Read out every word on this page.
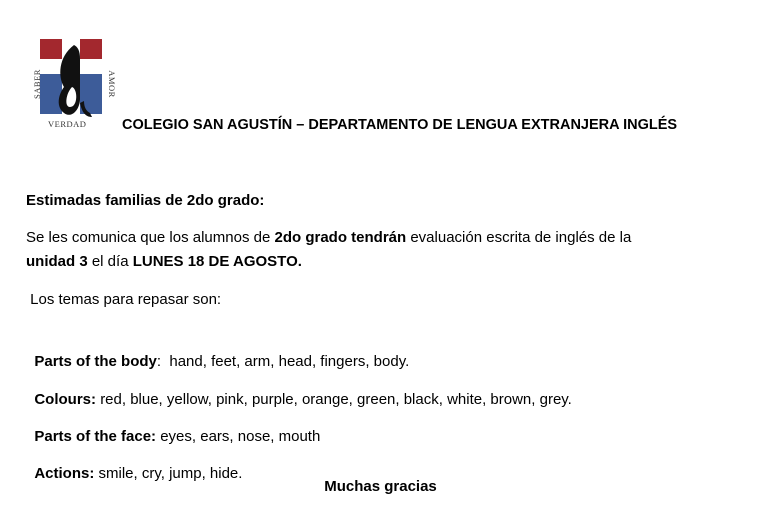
SABER	AMOR
VERDAD COLEGIO SAN AGUSTÍN – DEPARTAMENTO DE LENGUA EXTRANJERA INGLÉS
Estimadas familias de 2do grado:
Se les comunica que los alumnos de 2do grado tendrán evaluación escrita de inglés de la
unidad 3 el día LUNES 18 DE AGOSTO.
Los temas para repasar son:

Parts of the body:  hand, feet, arm, head, fingers, body.

Colours: red, blue, yellow, pink, purple, orange, green, black, white, brown, grey.

Parts of the face: eyes, ears, nose, mouth

Actions: smile, cry, jump, hide.

Muchas gracias
